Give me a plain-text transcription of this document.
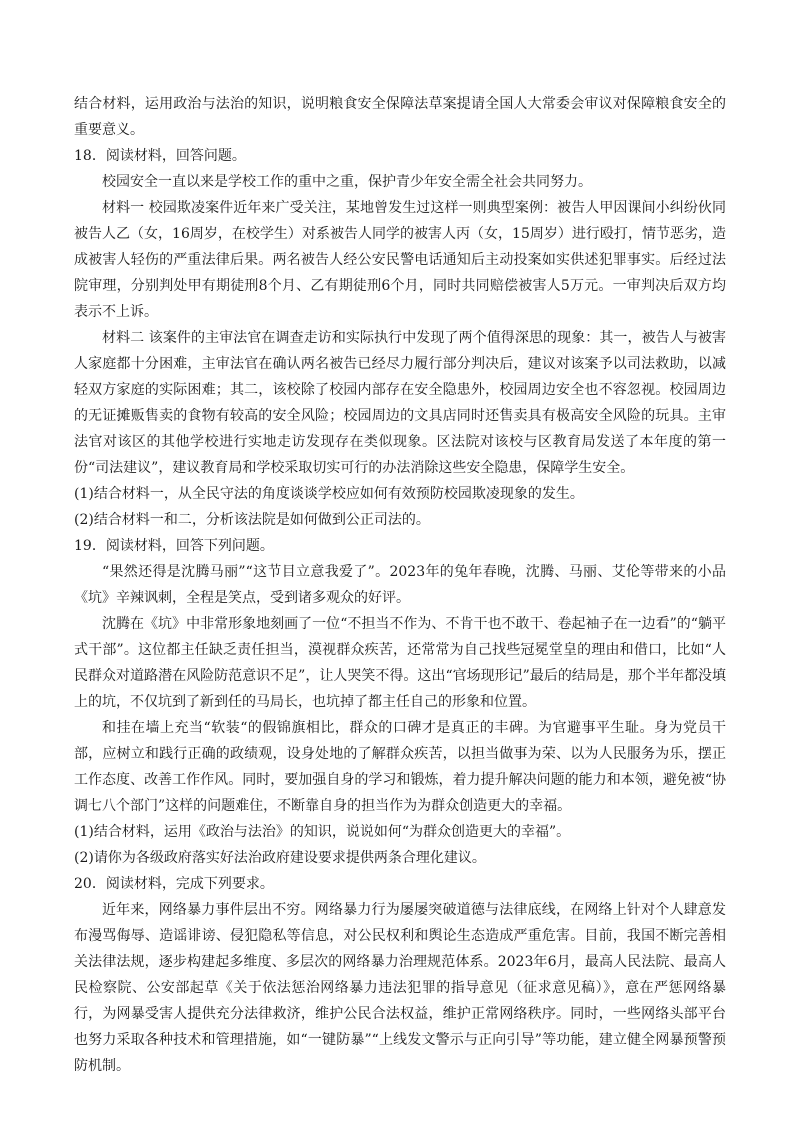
结合材料，运用政治与法治的知识，说明粮食安全保障法草案提请全国人大常委会审议对保障粮食安全的重要意义。

18．阅读材料，回答问题。

校园安全一直以来是学校工作的重中之重，保护青少年安全需全社会共同努力。

材料一 校园欺凌案件近年来广受关注，某地曾发生过这样一则典型案例：被告人甲因课间小纠纷伙同被告人乙（女，16周岁，在校学生）对系被告人同学的被害人丙（女，15周岁）进行殴打，情节恶劣，造成被害人轻伤的严重法律后果。两名被告人经公安民警电话通知后主动投案如实供述犯罪事实。后经过法院审理，分别判处甲有期徒刑8个月、乙有期徒刑6个月，同时共同赔偿被害人5万元。一审判决后双方均表示不上诉。

材料二 该案件的主审法官在调查走访和实际执行中发现了两个值得深思的现象：其一，被告人与被害人家庭都十分困难，主审法官在确认两名被告已经尽力履行部分判决后，建议对该案予以司法救助，以减轻双方家庭的实际困难；其二，该校除了校园内部存在安全隐患外，校园周边安全也不容忽视。校园周边的无证摊贩售卖的食物有较高的安全风险；校园周边的文具店同时还售卖具有极高安全风险的玩具。主审法官对该区的其他学校进行实地走访发现存在类似现象。区法院对该校与区教育局发送了本年度的第一份“司法建议”，建议教育局和学校采取切实可行的办法消除这些安全隐患，保障学生安全。

(1)结合材料一，从全民守法的角度谈谈学校应如何有效预防校园欺凌现象的发生。

(2)结合材料一和二，分析该法院是如何做到公正司法的。

19．阅读材料，回答下列问题。

“果然还得是沈腾马丽”“这节目立意我爱了”。2023年的兔年春晚，沈腾、马丽、艾伦等带来的小品《坑》辛辣讽刺，全程是笑点，受到诸多观众的好评。

沈腾在《坑》中非常形象地刻画了一位“不担当不作为、不肯干也不敢干、卷起袖子在一边看”的“躺平式干部”。这位都主任缺乏责任担当，漠视群众疾苦，还常常为自己找些冠冕堂皇的理由和借口，比如“人民群众对道路潜在风险防范意识不足”，让人哭笑不得。这出“官场现形记”最后的结局是，那个半年都没填上的坑，不仅坑到了新到任的马局长，也坑掉了都主任自己的形象和位置。

和挂在墙上充当“软装“的假锦旗相比，群众的口碑才是真正的丰碑。为官避事平生耻。身为党员干部，应树立和践行正确的政绩观，设身处地的了解群众疾苦，以担当做事为荣、以为人民服务为乐，摆正工作态度、改善工作作风。同时，要加强自身的学习和锻炼，着力提升解决问题的能力和本领，避免被“协调七八个部门”这样的问题难住，不断靠自身的担当作为为群众创造更大的幸福。

(1)结合材料，运用《政治与法治》的知识，说说如何“为群众创造更大的幸福”。

(2)请你为各级政府落实好法治政府建设要求提供两条合理化建议。

20．阅读材料，完成下列要求。

近年来，网络暴力事件层出不穷。网络暴力行为屡屡突破道德与法律底线，在网络上针对个人肆意发布漫骂侮辱、造谣诽谤、侵犯隐私等信息，对公民权利和舆论生态造成严重危害。目前，我国不断完善相关法律法规，逐步构建起多维度、多层次的网络暴力治理规范体系。2023年6月，最高人民法院、最高人民检察院、公安部起草《关于依法惩治网络暴力违法犯罪的指导意见（征求意见稿）》，意在严惩网络暴行，为网暴受害人提供充分法律救济，维护公民合法权益，维护正常网络秩序。同时，一些网络头部平台也努力采取各种技术和管理措施，如“一键防暴”“上线发文警示与正向引导”等功能，建立健全网暴预警预防机制。
